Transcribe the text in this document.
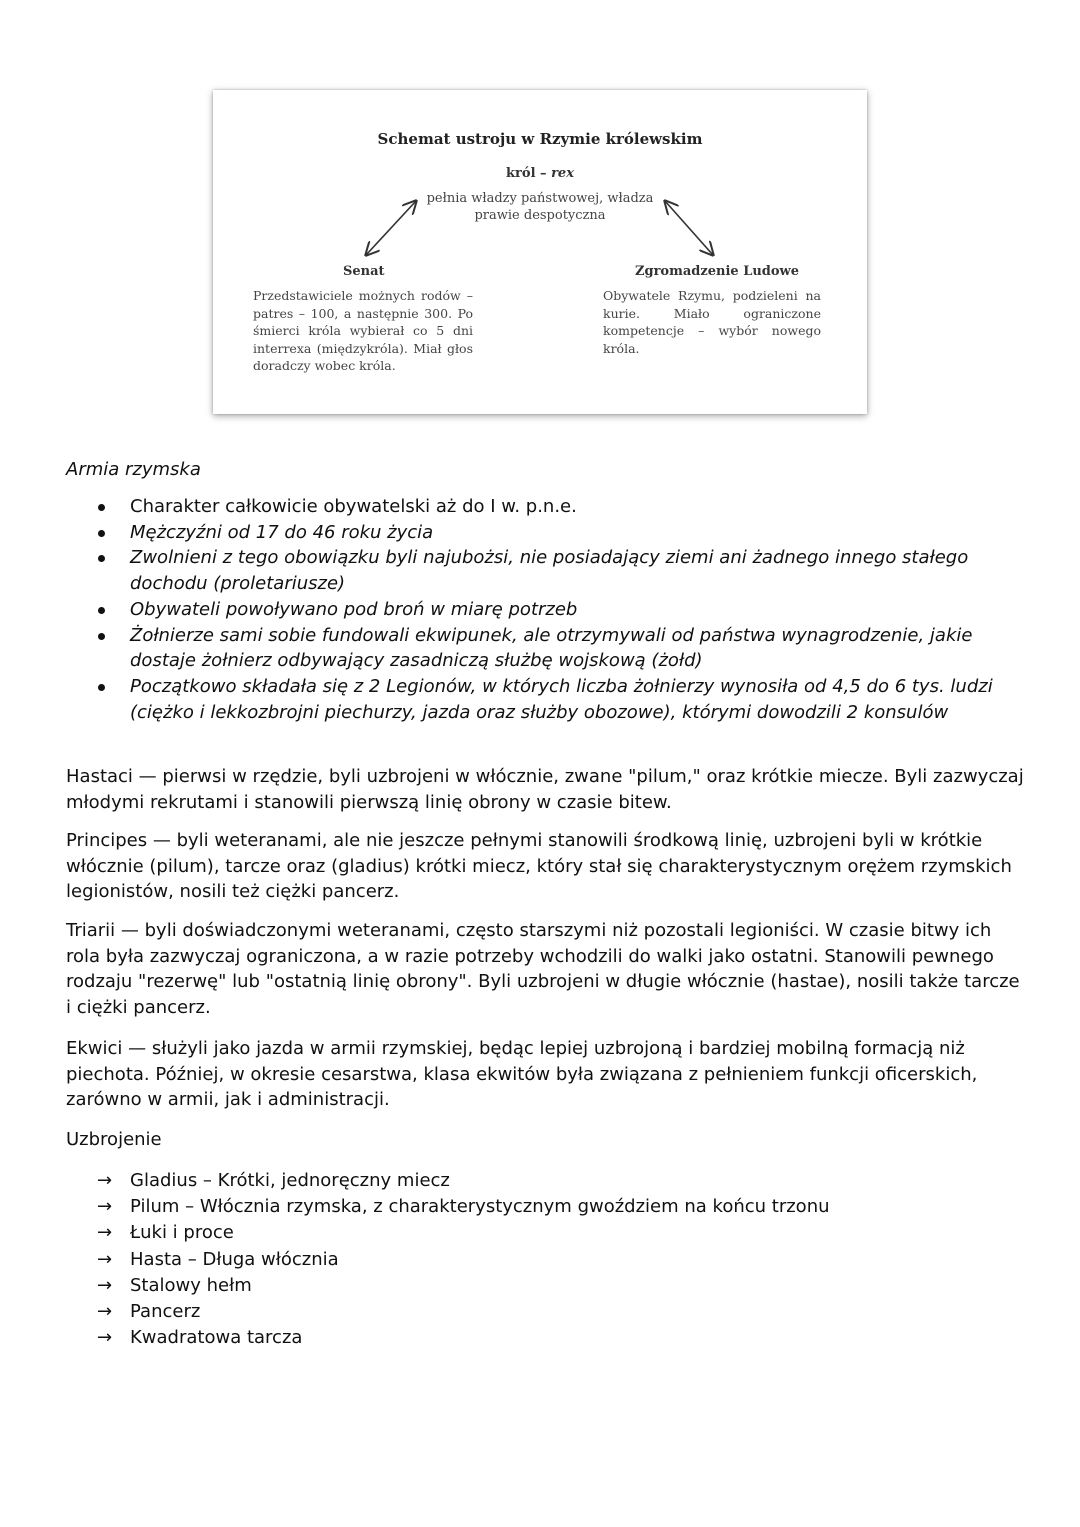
Schemat ustroju w Rzymie królewskim
król – rex
pełnia władzy państwowej, władza prawie despotyczna
Senat	Zgromadzenie Ludowe
Przedstawiciele możnych rodów – patres – 100, a następnie 300. Po śmierci króla wybierał co 5 dni interrexa (międzykróla). Miał głos doradczy wobec króla.
Obywatele Rzymu, podzieleni na kurie. Miało ograniczone kompetencje – wybór nowego króla.
Armia rzymska
Charakter całkowicie obywatelski aż do I w. p.n.e.
Mężczyźni od 17 do 46 roku życia
Zwolnieni z tego obowiązku byli najubożsi, nie posiadający ziemi ani żadnego innego stałego dochodu (proletariusze)
Obywateli powoływano pod broń w miarę potrzeb
Żołnierze sami sobie fundowali ekwipunek, ale otrzymywali od państwa wynagrodzenie, jakie dostaje żołnierz odbywający zasadniczą służbę wojskową (żołd)
Początkowo składała się z 2 Legionów, w których liczba żołnierzy wynosiła od 4,5 do 6 tys. ludzi (ciężko i lekkozbrojni piechurzy, jazda oraz służby obozowe), którymi dowodzili 2 konsulów

Hastaci — pierwsi w rzędzie, byli uzbrojeni w włócznie, zwane "pilum," oraz krótkie miecze. Byli zazwyczaj młodymi rekrutami i stanowili pierwszą linię obrony w czasie bitew.

Principes — byli weteranami, ale nie jeszcze pełnymi stanowili środkową linię, uzbrojeni byli w krótkie włócznie (pilum), tarcze oraz (gladius) krótki miecz, który stał się charakterystycznym orężem rzymskich legionistów, nosili też ciężki pancerz.

Triarii — byli doświadczonymi weteranami, często starszymi niż pozostali legioniści. W czasie bitwy ich rola była zazwyczaj ograniczona, a w razie potrzeby wchodzili do walki jako ostatni. Stanowili pewnego rodzaju "rezerwę" lub "ostatnią linię obrony". Byli uzbrojeni w długie włócznie (hastae), nosili także tarcze i ciężki pancerz.

Ekwici — służyli jako jazda w armii rzymskiej, będąc lepiej uzbrojoną i bardziej mobilną formacją niż piechota. Później, w okresie cesarstwa, klasa ekwitów była związana z pełnieniem funkcji oficerskich, zarówno w armii, jak i administracji.

Uzbrojenie
→ Gladius – Krótki, jednoręczny miecz
→ Pilum – Włócznia rzymska, z charakterystycznym gwoździem na końcu trzonu
→ Łuki i proce
→ Hasta – Długa włócznia
→ Stalowy hełm
→ Pancerz
→ Kwadratowa tarcza
